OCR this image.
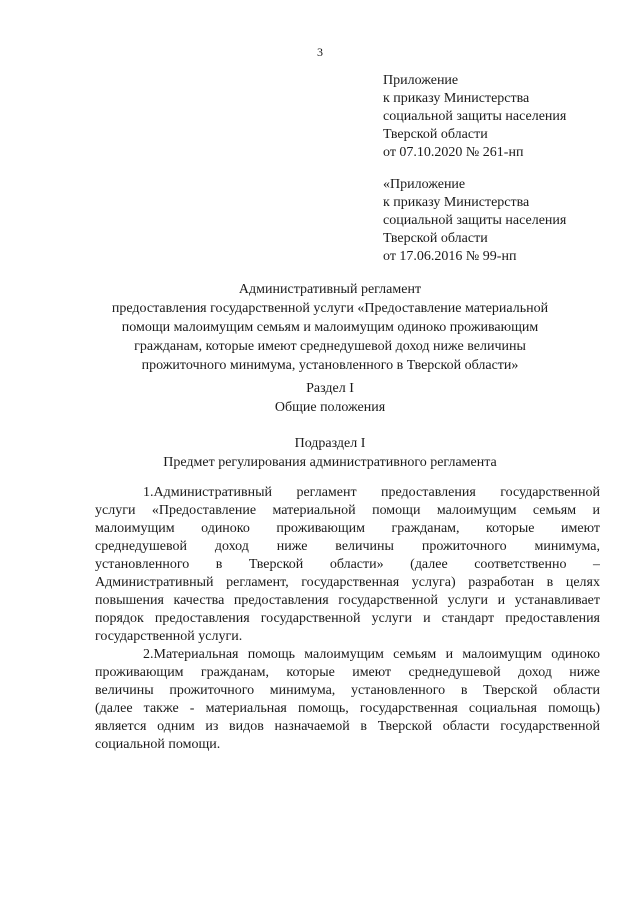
3
Приложение
к приказу Министерства
социальной защиты населения
Тверской области
от 07.10.2020 № 261-нп
«Приложение
к приказу Министерства
социальной защиты населения
Тверской области
от 17.06.2016 № 99-нп
Административный регламент
предоставления государственной услуги «Предоставление материальной
помощи малоимущим семьям и малоимущим одиноко проживающим
гражданам, которые имеют среднедушевой доход ниже величины
прожиточного минимума, установленного в Тверской области»
Раздел I
Общие положения
Подраздел I
Предмет регулирования административного регламента
1.Административный регламент предоставления государственной
услуги «Предоставление материальной помощи малоимущим семьям и
малоимущим одиноко проживающим гражданам, которые имеют
среднедушевой доход ниже величины прожиточного минимума,
установленного в Тверской области» (далее соответственно –
Административный регламент, государственная услуга) разработан в целях
повышения качества предоставления государственной услуги и устанавливает
порядок предоставления государственной услуги и стандарт предоставления
государственной услуги.
2.Материальная помощь малоимущим семьям и малоимущим одиноко
проживающим гражданам, которые имеют среднедушевой доход ниже
величины прожиточного минимума, установленного в Тверской области
(далее также - материальная помощь, государственная социальная помощь)
является одним из видов назначаемой в Тверской области государственной
социальной помощи.
